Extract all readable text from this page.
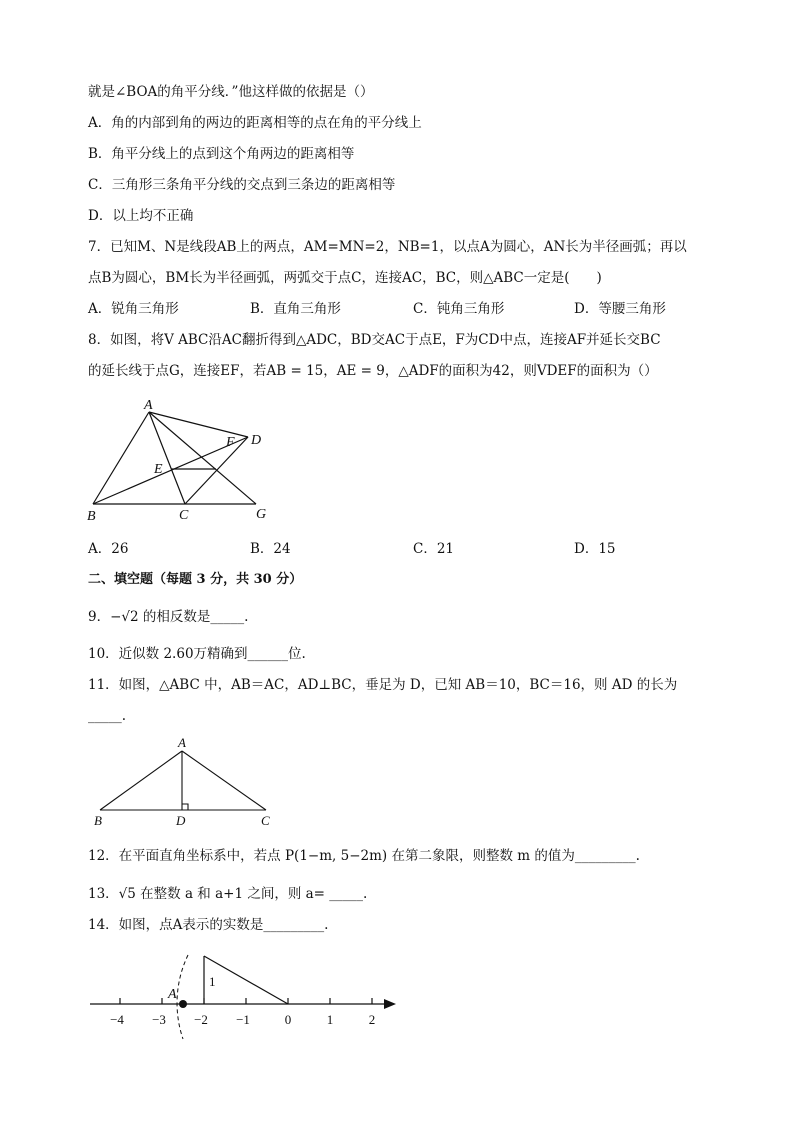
就是∠BOA的角平分线．”他这样做的依据是（）
A．角的内部到角的两边的距离相等的点在角的平分线上
B．角平分线上的点到这个角两边的距离相等
C．三角形三条角平分线的交点到三条边的距离相等
D．以上均不正确
7．已知M、N是线段AB上的两点，AM=MN=2，NB=1，以点A为圆心，AN长为半径画弧；再以
点B为圆心，BM长为半径画弧，两弧交于点C，连接AC，BC，则△ABC一定是(　　)
A．锐角三角形	B．直角三角形	C．钝角三角形	D．等腰三角形
8．如图，将V ABC沿AC翻折得到△ADC，BD交AC于点E，F为CD中点，连接AF并延长交BC
的延长线于点G，连接EF，若AB = 15，AE = 9，△ADF的面积为42，则VDEF的面积为（）
A
D
E
F
B	C	G
A．26	B．24	C．21	D．15
二、填空题（每题 3 分，共 30 分）
9．−√2 的相反数是_____.
10．近似数 2.60万精确到______位.
11．如图，△ABC 中，AB＝AC，AD⊥BC，垂足为 D，已知 AB＝10，BC＝16，则 AD 的长为
_____.
A
B	D	C
12．在平面直角坐标系中，若点 P(1−m, 5−2m) 在第二象限，则整数 m 的值为_________.
13．√5 在整数 a 和 a+1 之间，则 a= _____.
14．如图，点A表示的实数是_________.
−4 −3 −2 −1	0	1	2
A
1
